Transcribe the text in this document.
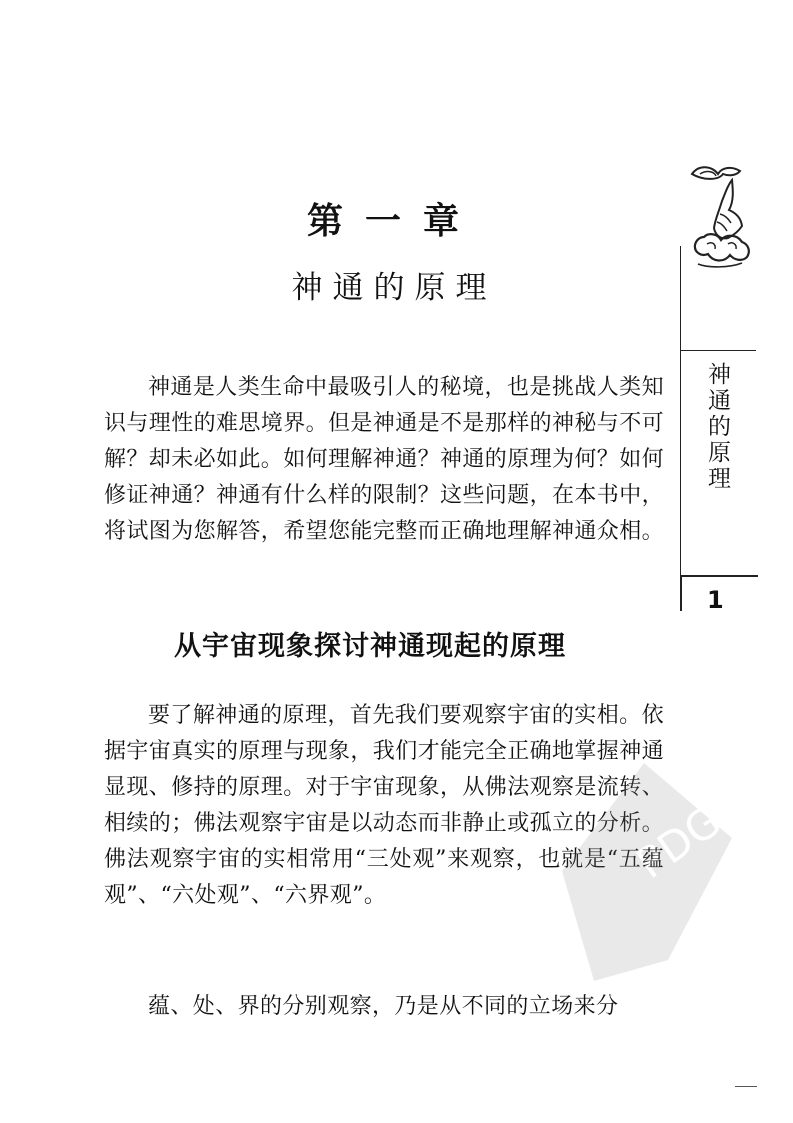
第一章
神通的原理

神通是人类生命中最吸引人的秘境，也是挑战人类知识与理性的难思境界。但是神通是不是那样的神秘与不可解？却未必如此。如何理解神通？神通的原理为何？如何修证神通？神通有什么样的限制？这些问题，在本书中，将试图为您解答，希望您能完整而正确地理解神通众相。

从宇宙现象探讨神通现起的原理

要了解神通的原理，首先我们要观察宇宙的实相。依据宇宙真实的原理与现象，我们才能完全正确地掌握神通显现、修持的原理。对于宇宙现象，从佛法观察是流转、相续的；佛法观察宇宙是以动态而非静止或孤立的分析。佛法观察宇宙的实相常用“三处观”来观察，也就是“五蕴观”、“六处观”、“六界观”。

蕴、处、界的分别观察，乃是从不同的立场来分

神通的原理
1
PDG
